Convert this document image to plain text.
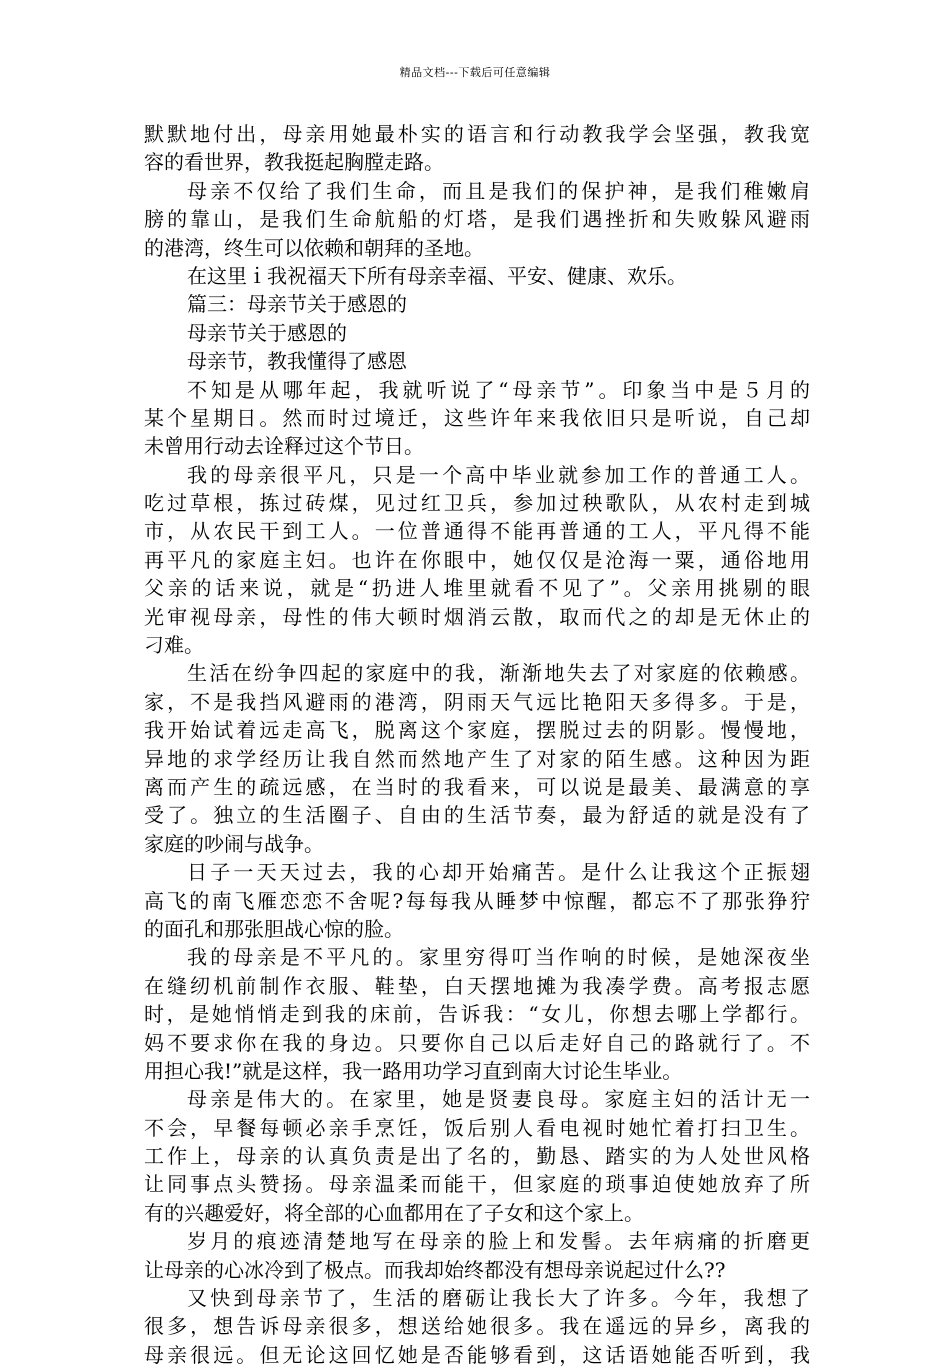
精品文档---下载后可任意编辑
默默地付出，母亲用她最朴实的语言和行动教我学会坚强，教我宽
容的看世界，教我挺起胸膛走路。
母亲不仅给了我们生命，而且是我们的保护神，是我们稚嫩肩
膀的靠山，是我们生命航船的灯塔，是我们遇挫折和失败躲风避雨
的港湾，终生可以依赖和朝拜的圣地。
在这里ｉ我祝福天下所有母亲幸福、平安、健康、欢乐。
篇三：母亲节关于感恩的
母亲节关于感恩的
母亲节，教我懂得了感恩
不知是从哪年起，我就听说了“母亲节”。印象当中是５月的
某个星期日。然而时过境迁，这些许年来我依旧只是听说，自己却
未曾用行动去诠释过这个节日。
我的母亲很平凡，只是一个高中毕业就参加工作的普通工人。
吃过草根，拣过砖煤，见过红卫兵，参加过秧歌队，从农村走到城
市，从农民干到工人。一位普通得不能再普通的工人，平凡得不能
再平凡的家庭主妇。也许在你眼中，她仅仅是沧海一粟，通俗地用
父亲的话来说，就是“扔进人堆里就看不见了”。父亲用挑剔的眼
光审视母亲，母性的伟大顿时烟消云散，取而代之的却是无休止的
刁难。
生活在纷争四起的家庭中的我，渐渐地失去了对家庭的依赖感。
家，不是我挡风避雨的港湾，阴雨天气远比艳阳天多得多。于是，
我开始试着远走高飞，脱离这个家庭，摆脱过去的阴影。慢慢地，
异地的求学经历让我自然而然地产生了对家的陌生感。这种因为距
离而产生的疏远感，在当时的我看来，可以说是最美、最满意的享
受了。独立的生活圈子、自由的生活节奏，最为舒适的就是没有了
家庭的吵闹与战争。
日子一天天过去，我的心却开始痛苦。是什么让我这个正振翅
高飞的南飞雁恋恋不舍呢?每每我从睡梦中惊醒，都忘不了那张狰狞
的面孔和那张胆战心惊的脸。
我的母亲是不平凡的。家里穷得叮当作响的时候，是她深夜坐
在缝纫机前制作衣服、鞋垫，白天摆地摊为我凑学费。高考报志愿
时，是她悄悄走到我的床前，告诉我：“女儿，你想去哪上学都行。
妈不要求你在我的身边。只要你自己以后走好自己的路就行了。不
用担心我!”就是这样，我一路用功学习直到南大讨论生毕业。
母亲是伟大的。在家里，她是贤妻良母。家庭主妇的活计无一
不会，早餐每顿必亲手烹饪，饭后别人看电视时她忙着打扫卫生。
工作上，母亲的认真负责是出了名的，勤恳、踏实的为人处世风格
让同事点头赞扬。母亲温柔而能干，但家庭的琐事迫使她放弃了所
有的兴趣爱好，将全部的心血都用在了子女和这个家上。
岁月的痕迹清楚地写在母亲的脸上和发髻。去年病痛的折磨更
让母亲的心冰冷到了极点。而我却始终都没有想母亲说起过什么??
又快到母亲节了，生活的磨砺让我长大了许多。今年，我想了
很多，想告诉母亲很多，想送给她很多。我在遥远的异乡，离我的
母亲很远。但无论这回忆她是否能够看到，这话语她能否听到，我
